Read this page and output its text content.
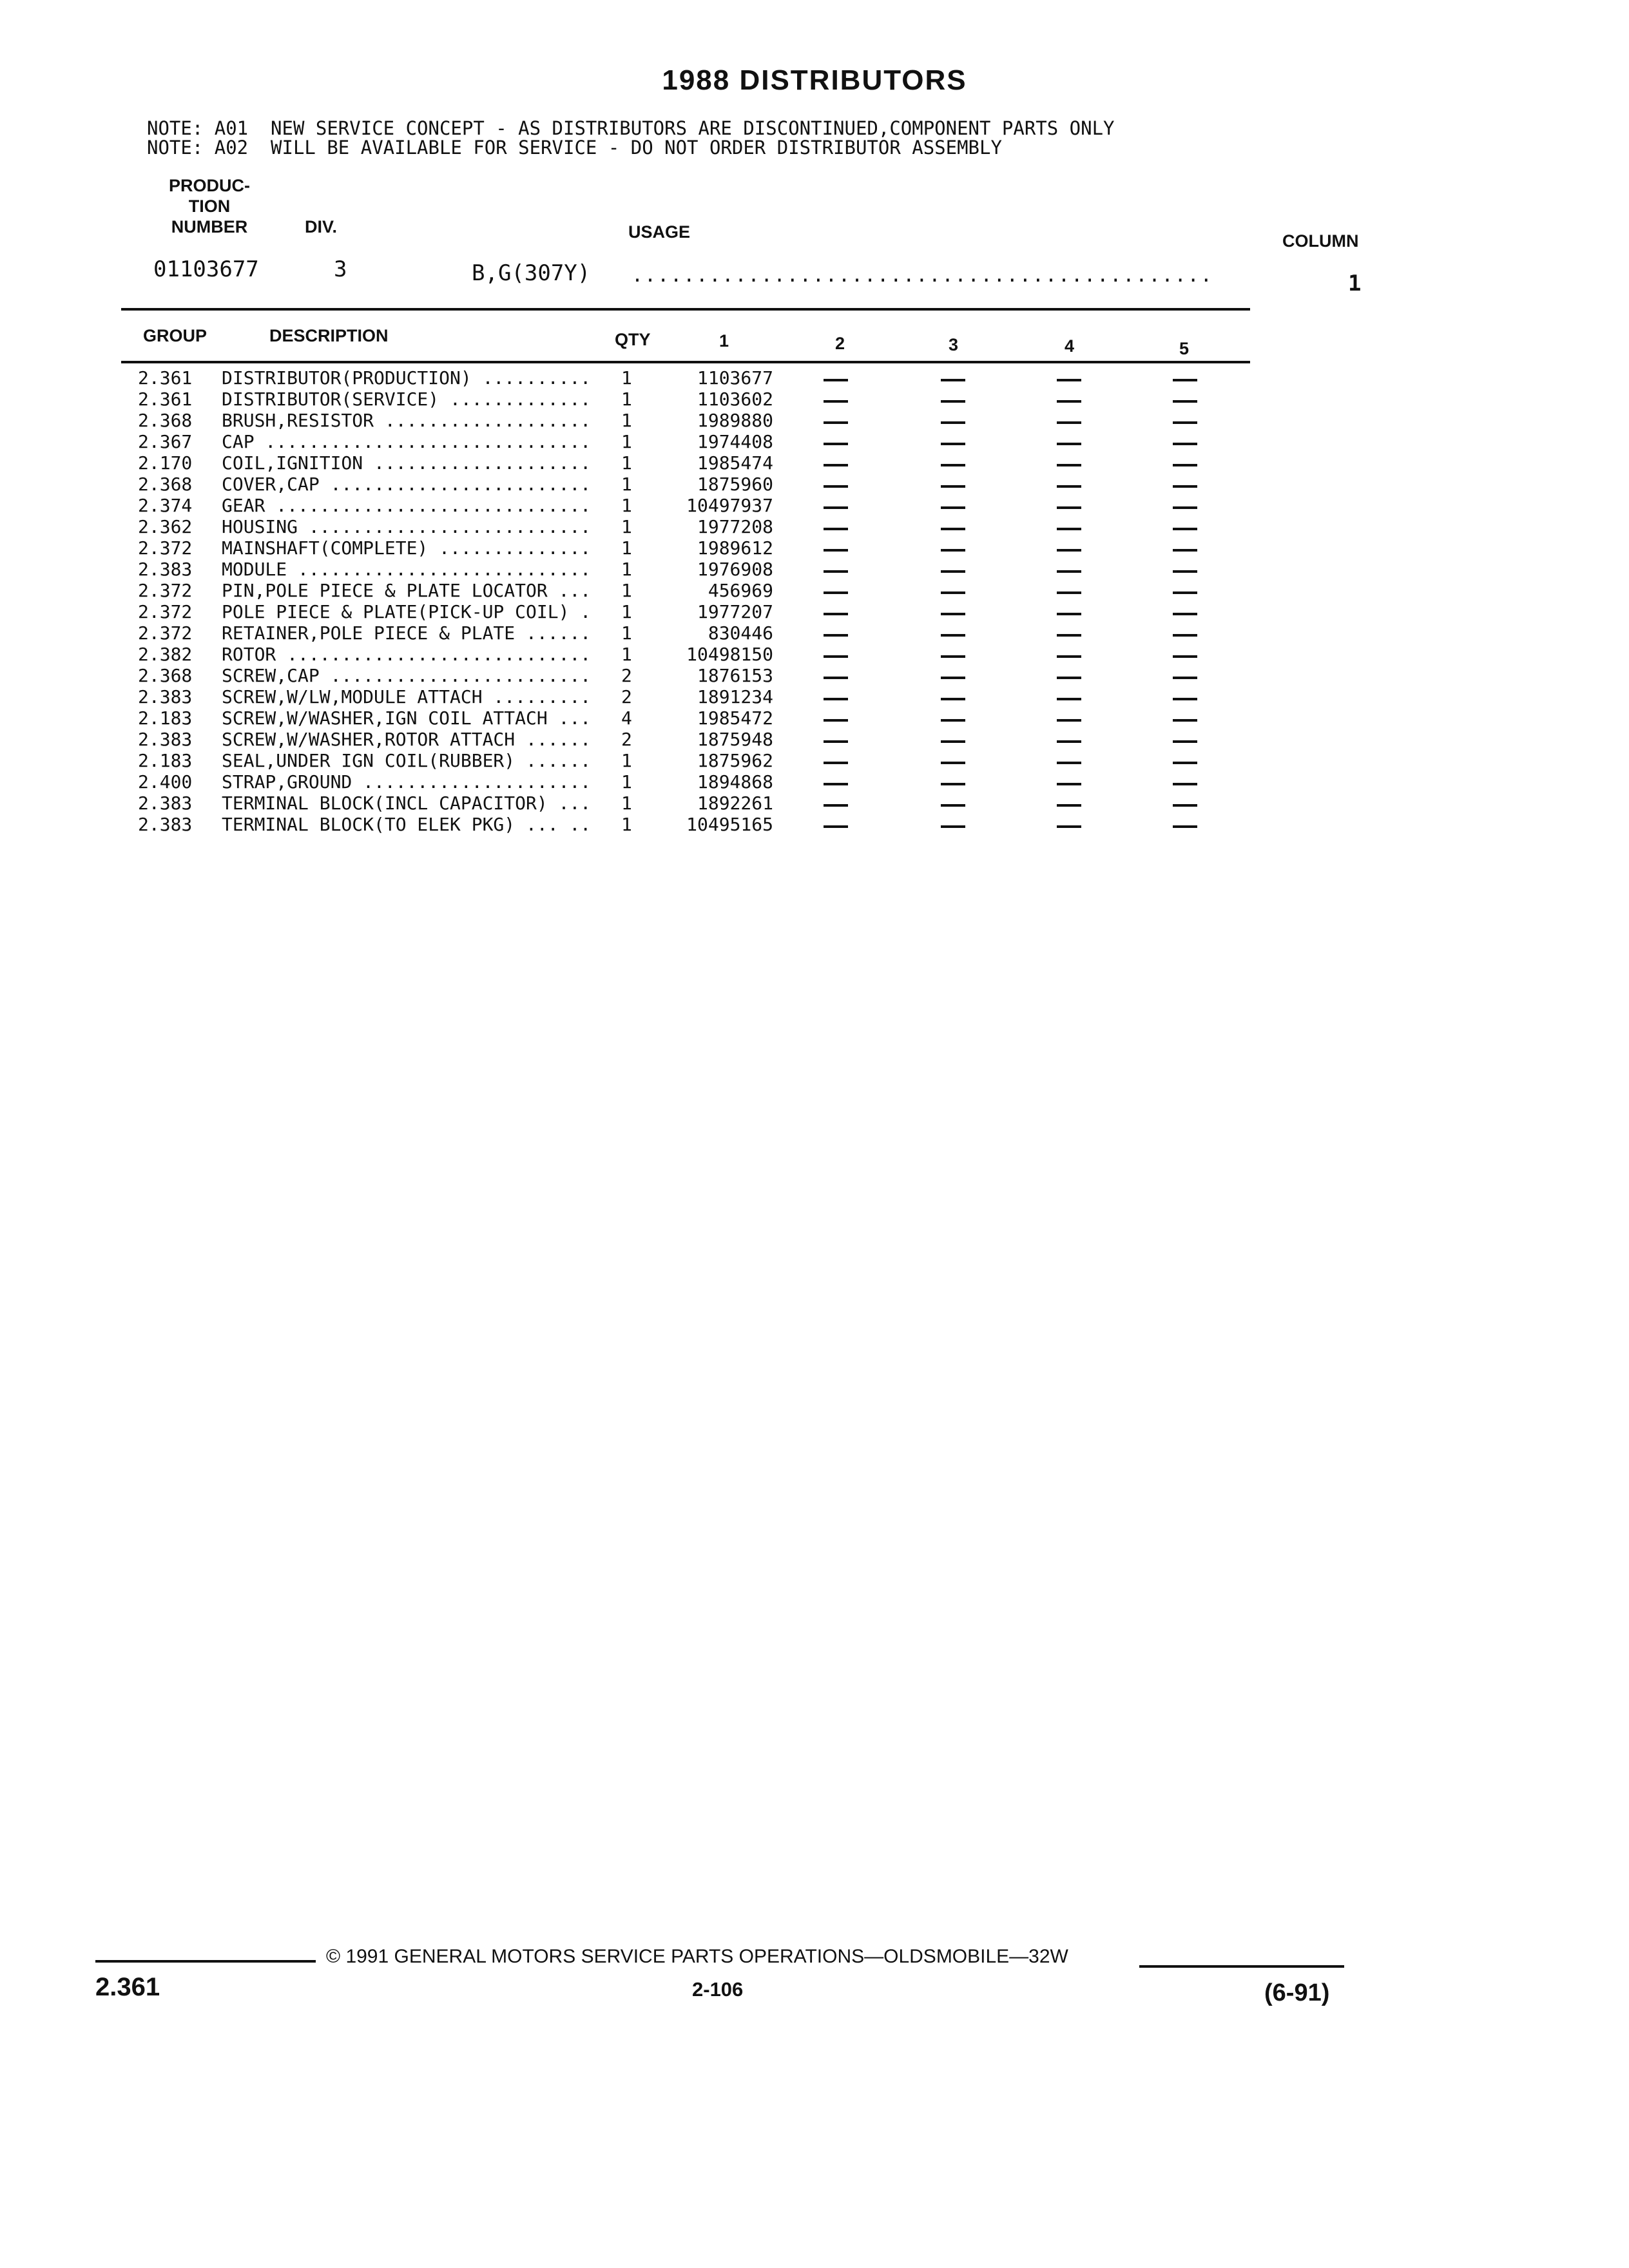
1988 DISTRIBUTORS
NOTE: A01  NEW SERVICE CONCEPT - AS DISTRIBUTORS ARE DISCONTINUED,COMPONENT PARTS ONLY
NOTE: A02  WILL BE AVAILABLE FOR SERVICE - DO NOT ORDER DISTRIBUTOR ASSEMBLY
PRODUC-
TION
NUMBER	DIV.	USAGE	COLUMN
01103677	3	B,G(307Y) .............................................	1
GROUP	DESCRIPTION	QTY	1	2	3	4	5
2.361 DISTRIBUTOR(PRODUCTION) ..........	1	1103677
2.361 DISTRIBUTOR(SERVICE) .............	1	1103602
2.368 BRUSH,RESISTOR ...................	1	1989880
2.367 CAP ..............................	1	1974408
2.170 COIL,IGNITION ....................	1	1985474
2.368 COVER,CAP ........................	1	1875960
2.374 GEAR .............................	1	10497937
2.362 HOUSING ..........................	1	1977208
2.372 MAINSHAFT(COMPLETE) ..............	1	1989612
2.383 MODULE ...........................	1	1976908
2.372 PIN,POLE PIECE & PLATE LOCATOR ...	1	456969
2.372 POLE PIECE & PLATE(PICK-UP COIL) .	1	1977207
2.372 RETAINER,POLE PIECE & PLATE ......	1	830446
2.382 ROTOR ............................	1	10498150
2.368 SCREW,CAP ........................	2	1876153
2.383 SCREW,W/LW,MODULE ATTACH .........	2	1891234
2.183 SCREW,W/WASHER,IGN COIL ATTACH ...	4	1985472
2.383 SCREW,W/WASHER,ROTOR ATTACH ......	2	1875948
2.183 SEAL,UNDER IGN COIL(RUBBER) ......	1	1875962
2.400 STRAP,GROUND .....................	1	1894868
2.383 TERMINAL BLOCK(INCL CAPACITOR) ...	1	1892261
2.383 TERMINAL BLOCK(TO ELEK PKG) ... ..	1	10495165
© 1991 GENERAL MOTORS SERVICE PARTS OPERATIONS—OLDSMOBILE—32W
2.361	2-106	(6-91)
